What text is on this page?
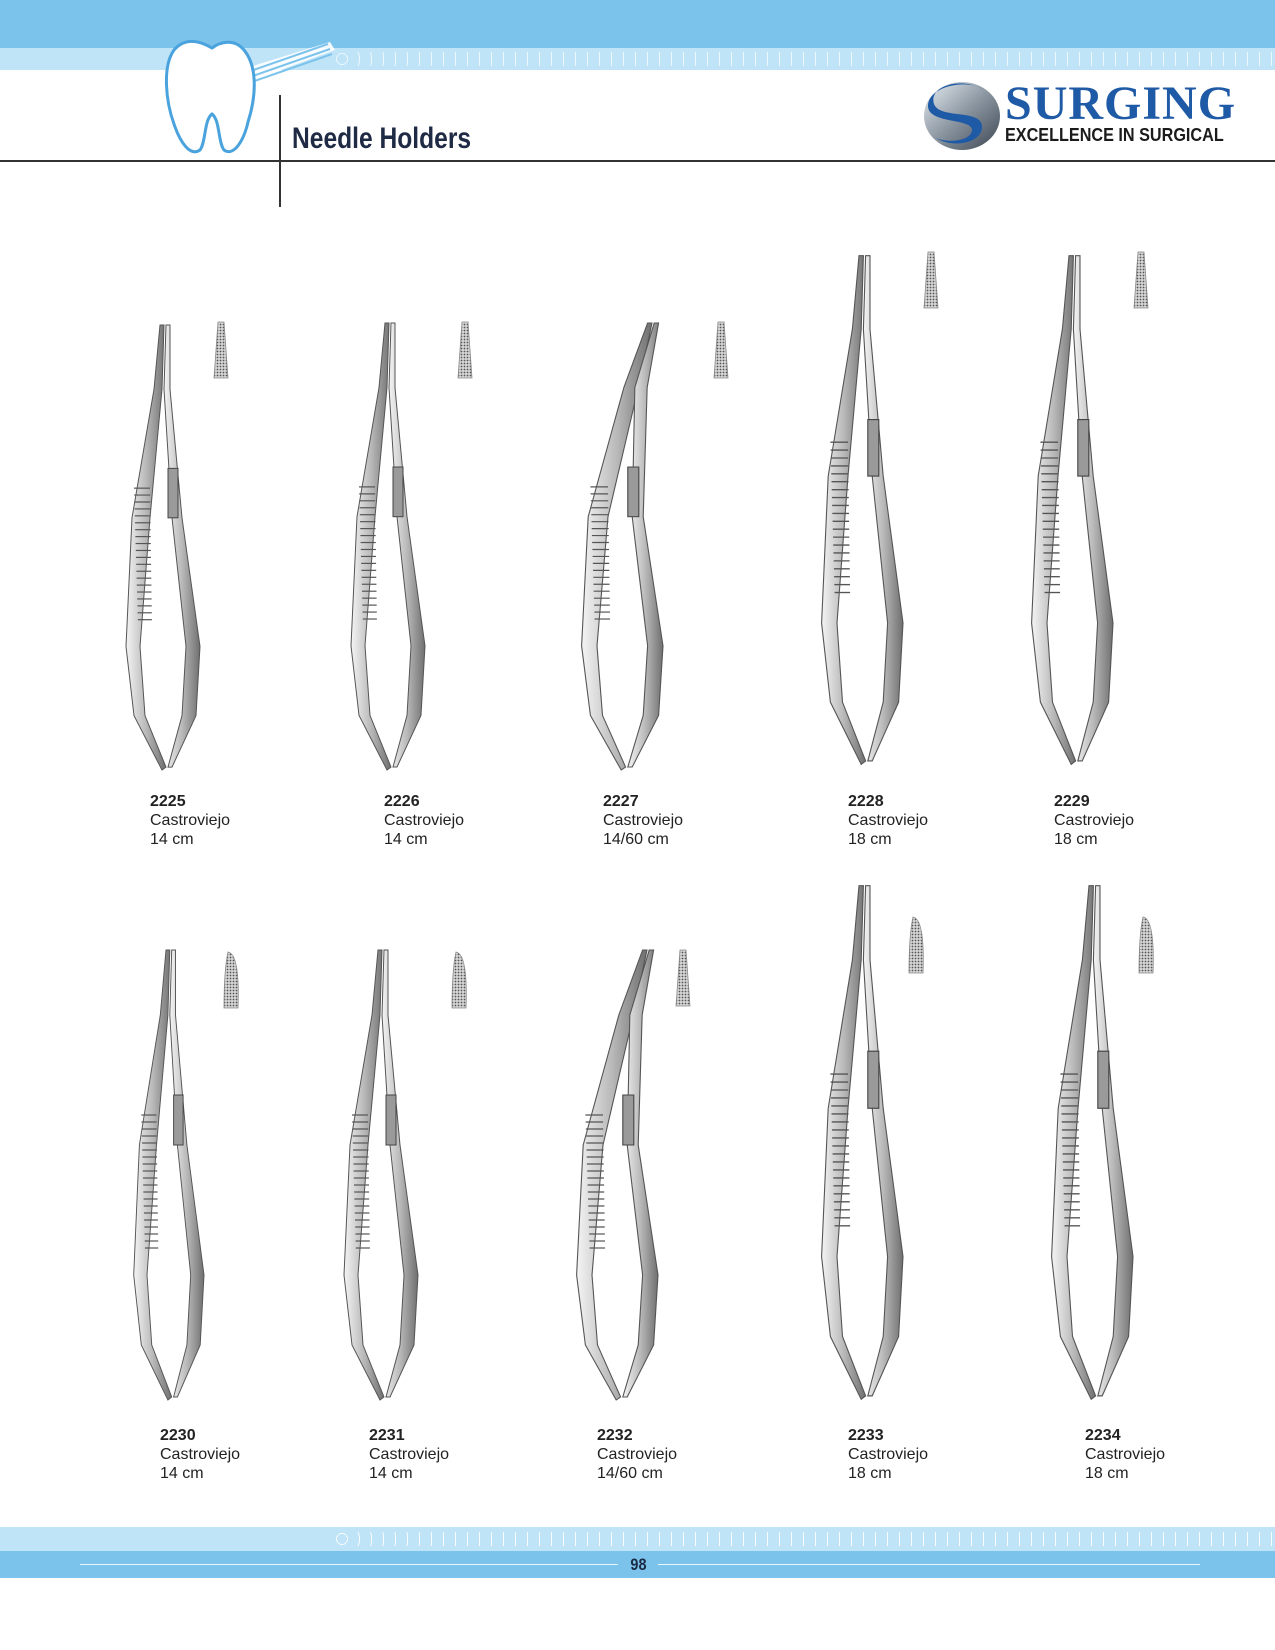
Needle Holders
SURGING
EXCELLENCE IN SURGICAL
2225
Castroviejo
14 cm
2226
Castroviejo
14 cm
2227
Castroviejo
14/60 cm
2228
Castroviejo
18 cm
2229
Castroviejo
18 cm
2230
Castroviejo
14 cm
2231
Castroviejo
14 cm
2232
Castroviejo
14/60 cm
2233
Castroviejo
18 cm
2234
Castroviejo
18 cm
98
